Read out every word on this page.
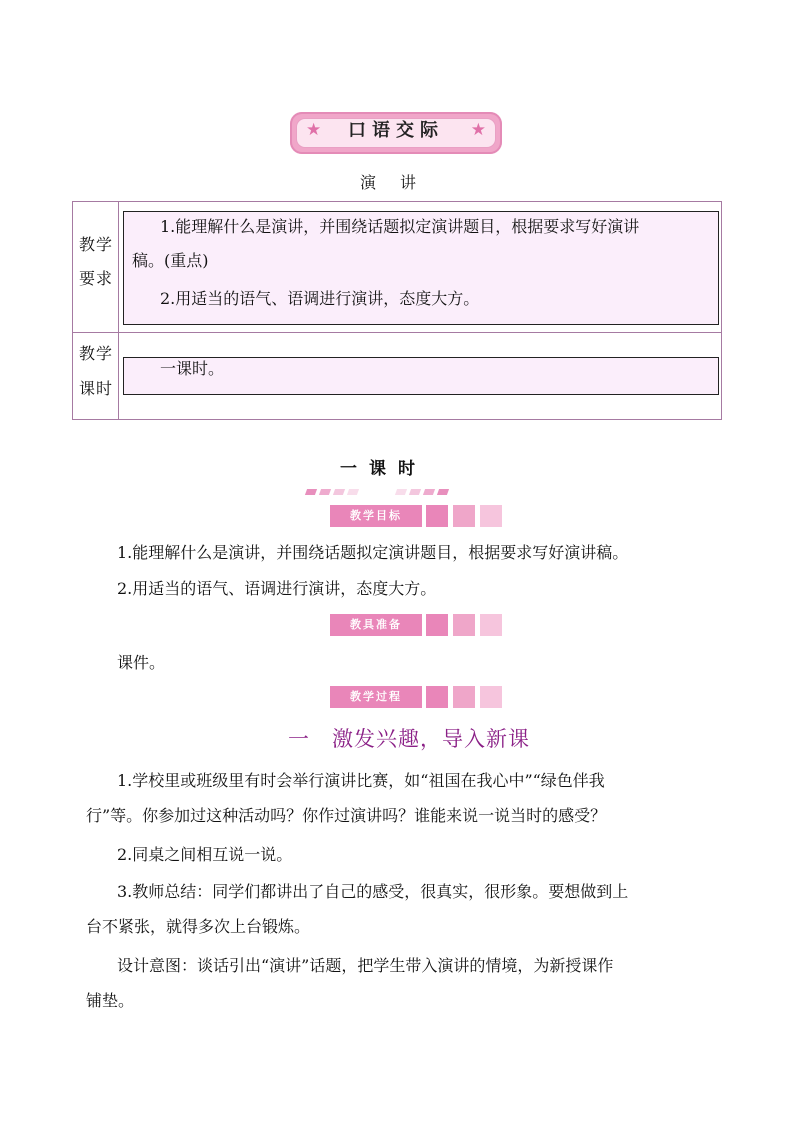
★	★
口语交际
演讲
教学
要求
1.能理解什么是演讲，并围绕话题拟定演讲题目，根据要求写好演讲
稿。(重点)
2.用适当的语气、语调进行演讲，态度大方。
教学
课时
一课时。
一课时
教学目标
1.能理解什么是演讲，并围绕话题拟定演讲题目，根据要求写好演讲稿。
2.用适当的语气、语调进行演讲，态度大方。
教具准备
课件。
教学过程
一　激发兴趣，导入新课
1.学校里或班级里有时会举行演讲比赛，如“祖国在我心中”“绿色伴我
行”等。你参加过这种活动吗？你作过演讲吗？谁能来说一说当时的感受？
2.同桌之间相互说一说。
3.教师总结：同学们都讲出了自己的感受，很真实，很形象。要想做到上
台不紧张，就得多次上台锻炼。
设计意图：谈话引出“演讲”话题，把学生带入演讲的情境，为新授课作
铺垫。
